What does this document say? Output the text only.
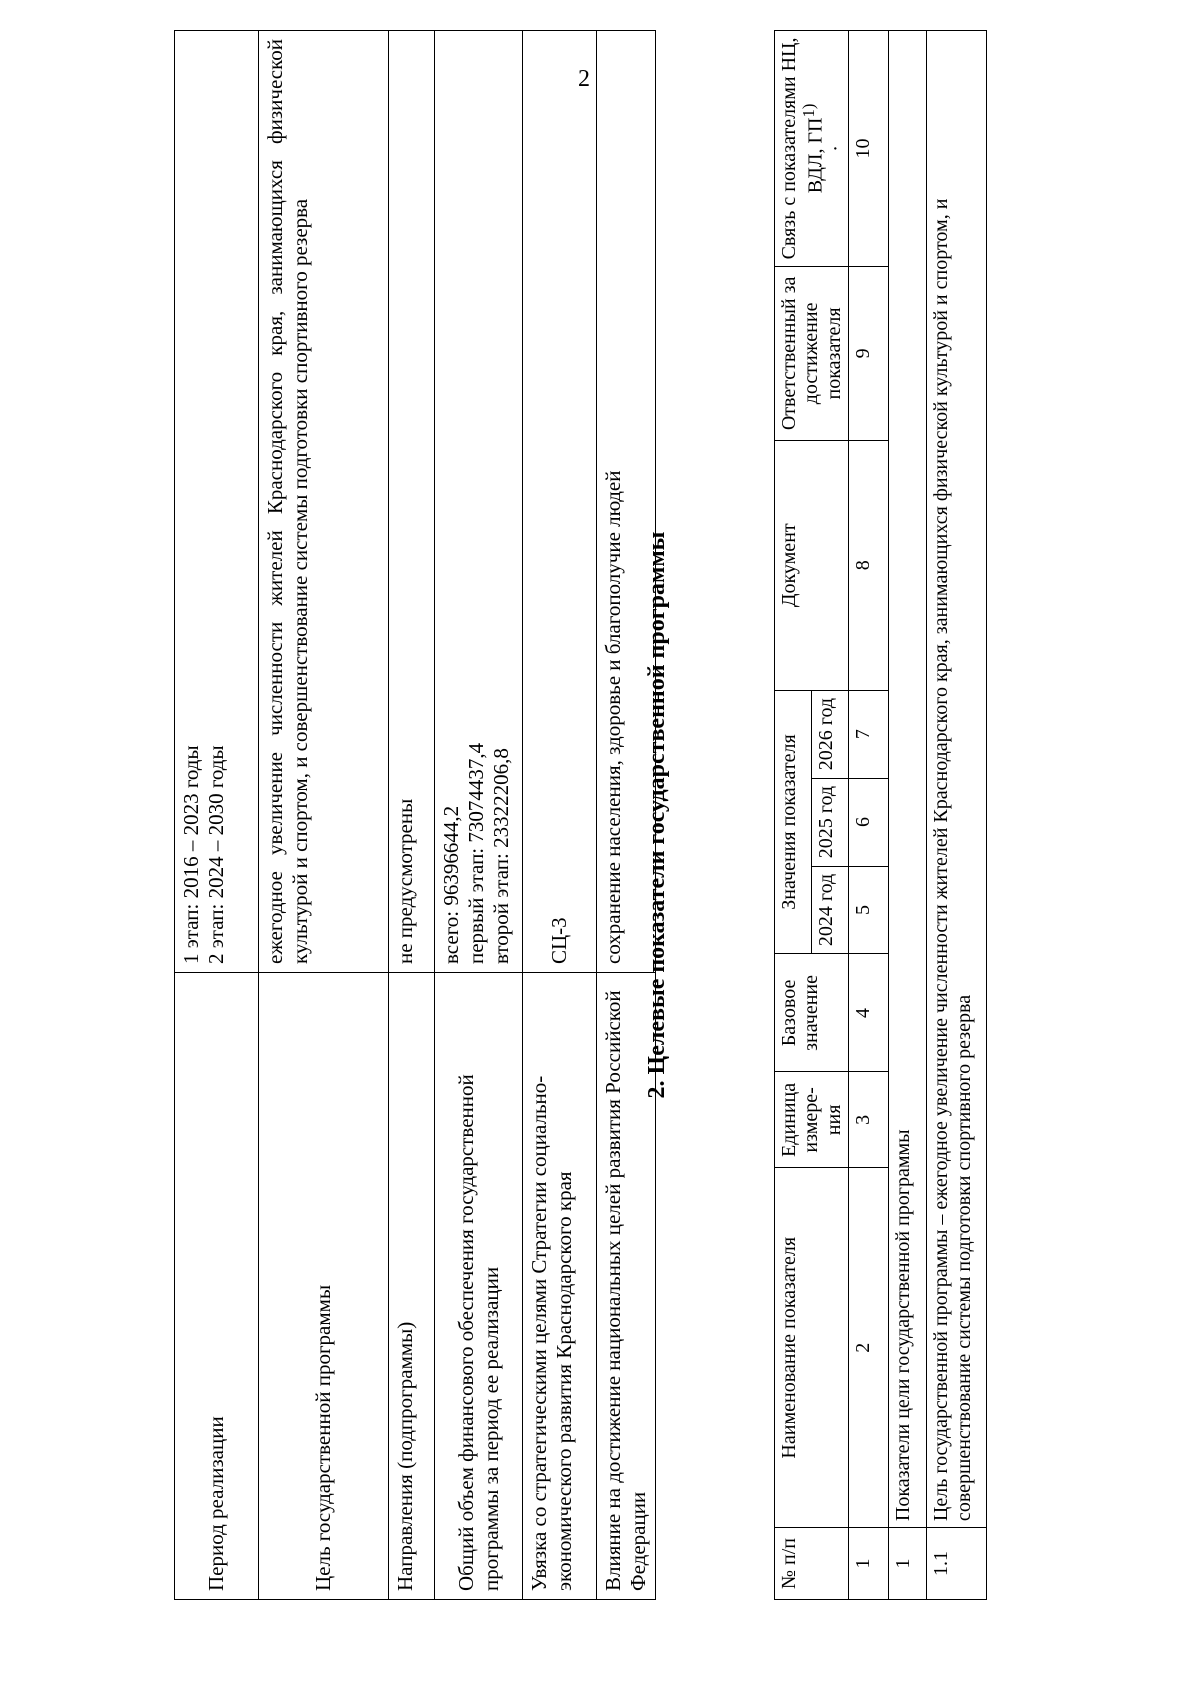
2
Период реализации	1 этап: 2016 – 2023 годы 2 этап: 2024 – 2030 годы

Цель государственной программы	ежегодное увеличение численности жителей Краснодарского края, занимающихся физической культурой и спортом, и совершенствование системы подготовки спортивного резерва
Направления (подпрограммы)	не предусмотрены
Общий объем финансового обеспечения государственной программы за период ее реализации	всего: 96396644,2 первый этап: 73074437,4 второй этап: 23322206,8

Увязка со стратегическими целями Стратегии социально-экономического развития Краснодарского края	СЦ-3
Влияние на достижение национальных целей развития Российской Федерации	сохранение населения, здоровье и благополучие людей 2. Целевые показатели государственной программы
№ п/п	Наименование показателя	Единица измере-ния	Базовое значение	Значения показателя			Документ	Ответственный за достижение показателя	Связь с показателями НЦ, ВДЛ, $ГП^{1)}$
·

				2024 год	2025 год	2026 год			
1	2	3	4	5	6	7	8	9	10
1	Показатели цели государственной программы								
1.1	Цель государственной программы – ежегодное увеличение численности жителей Краснодарского края, занимающихся физической культурой и спортом, и совершенствование системы подготовки спортивного резерва								
